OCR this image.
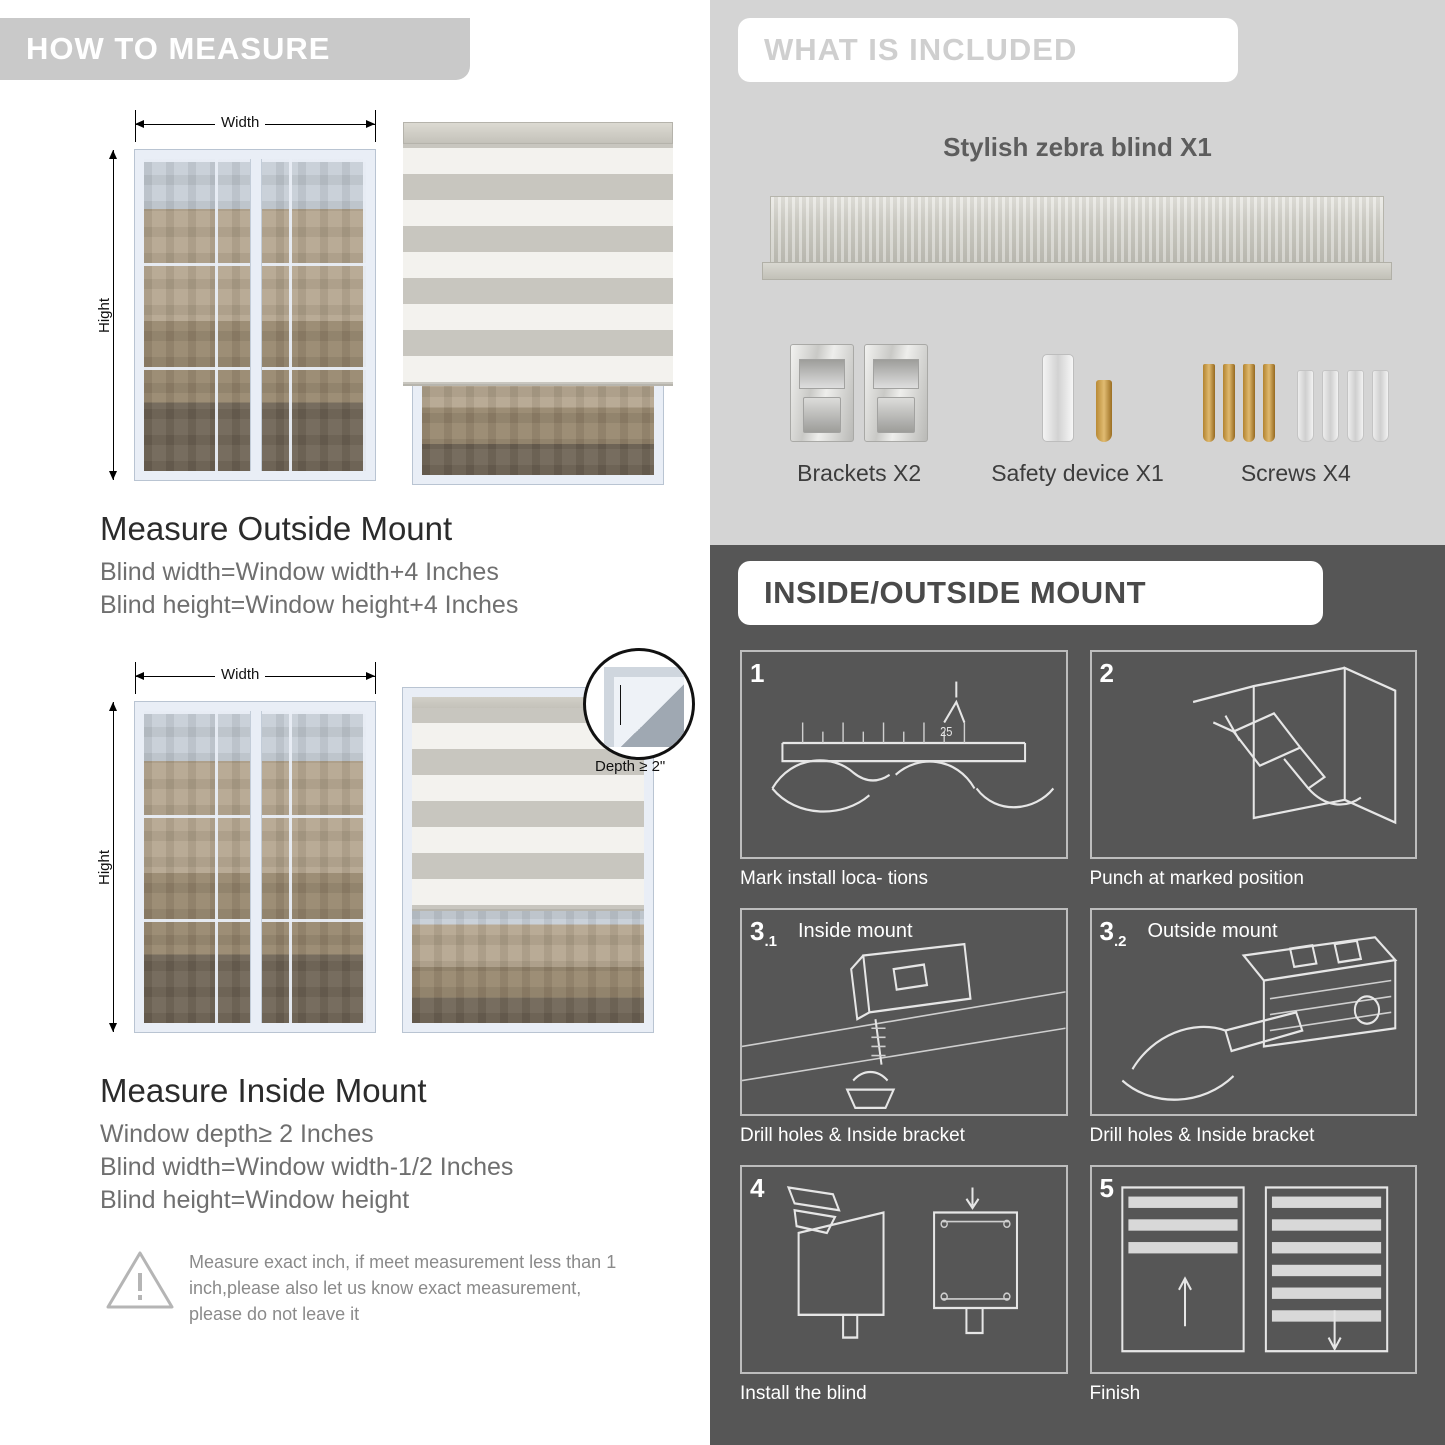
HOW TO MEASURE
Width
Hight
Measure Outside Mount
Blind width=Window width+4 Inches
Blind height=Window height+4 Inches
Width
Hight
Depth ≥ 2"
Measure Inside Mount
Window depth≥ 2 Inches
Blind width=Window width-1/2 Inches
Blind height=Window height
Measure exact inch, if meet measurement less than 1 inch,please also let us know exact measurement, please do not leave it
WHAT IS INCLUDED
Stylish zebra blind X1
Brackets X2	Safety device X1	Screws X4
INSIDE/OUTSIDE MOUNT
1
25
Mark install loca- tions
2
Punch at marked position
$3_{.1}$ Inside mount
Drill holes & Inside bracket
$3_{.2}$ Outside mount
Drill holes & Inside bracket
4
Install the blind
5
Finish
